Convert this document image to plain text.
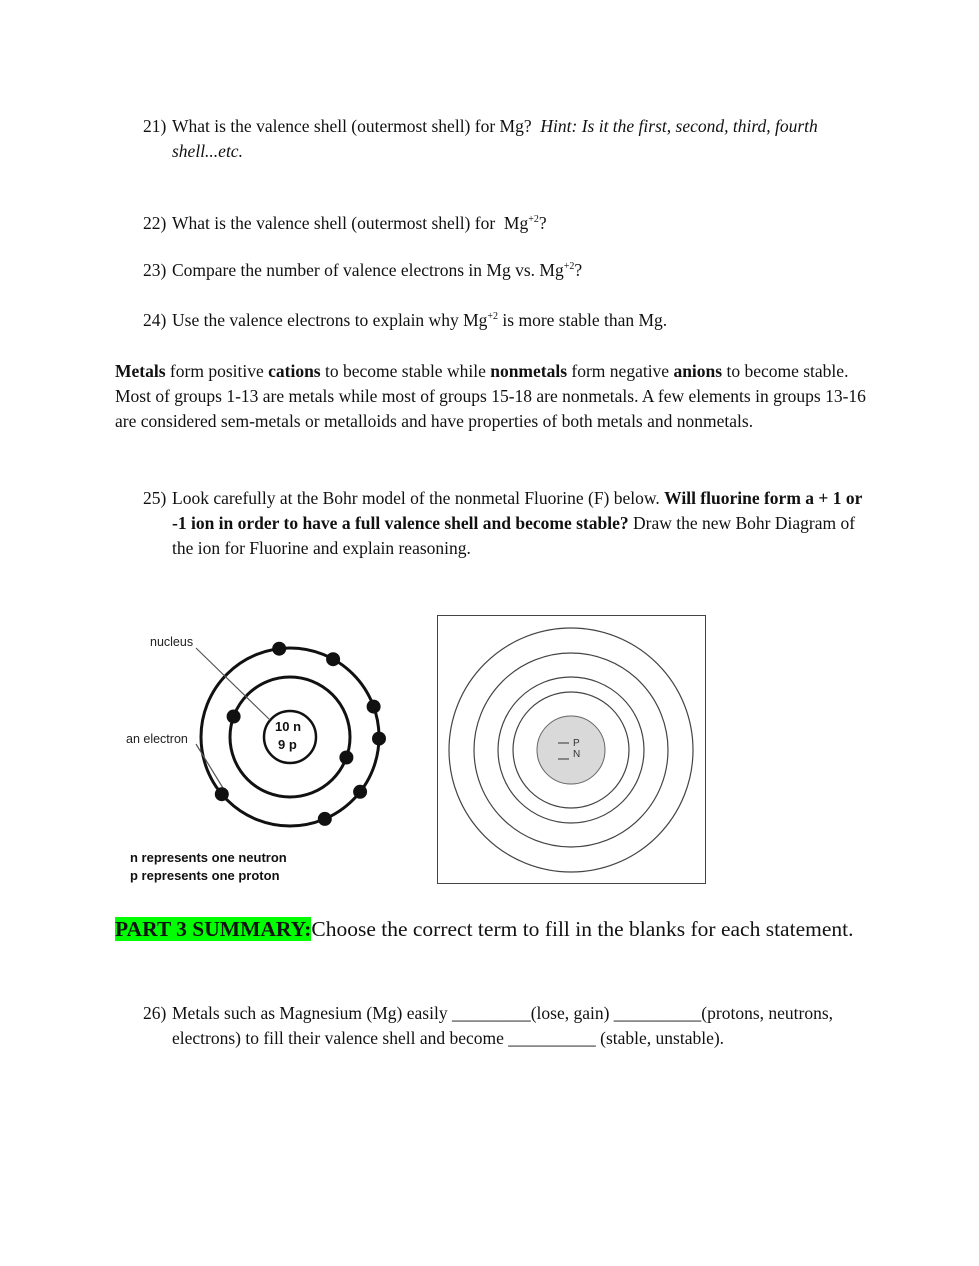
21) What is the valence shell (outermost shell) for Mg? Hint: Is it the first, second, third, fourth shell...etc.
22) What is the valence shell (outermost shell) for $Mg^{+2}$?
23) Compare the number of valence electrons in Mg vs. $Mg^{+2}$?
24) Use the valence electrons to explain why $Mg^{+2}$ is more stable than Mg.
Metals form positive cations to become stable while nonmetals form negative anions to become stable. Most of groups 1-13 are metals while most of groups 15-18 are nonmetals. A few elements in groups 13-16 are considered sem-metals or metalloids and have properties of both metals and nonmetals.
25) Look carefully at the Bohr model of the nonmetal Fluorine (F) below. Will fluorine form a + 1 or -1 ion in order to have a full valence shell and become stable? Draw the new Bohr Diagram of the ion for Fluorine and explain reasoning.
nucleus
an electron
10 n
9 p
n represents one neutron
p represents one proton
P
N
PART 3 SUMMARY:Choose the correct term to fill in the blanks for each statement.
26) Metals such as Magnesium (Mg) easily _________(lose, gain) __________(protons, neutrons, electrons) to fill their valence shell and become __________ (stable, unstable).
